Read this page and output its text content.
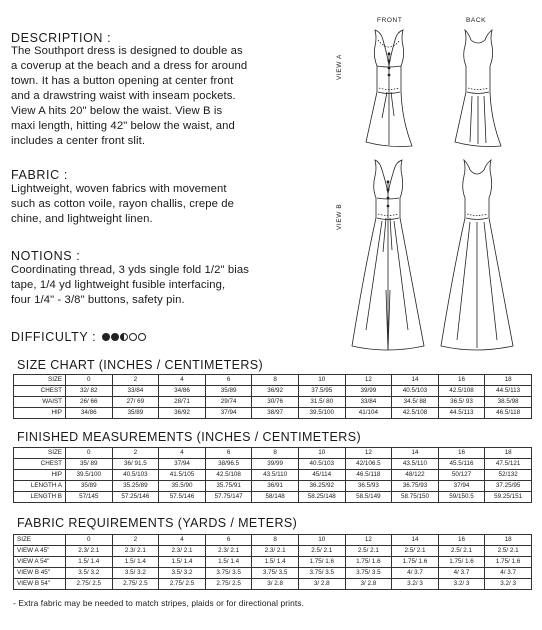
DESCRIPTION :
The Southport dress is designed to double as
a coverup at the beach and a dress for around
town. It has a button opening at center front
and a drawstring waist with inseam pockets.
View A hits 20" below the waist. View B is
maxi length, hitting 42" below the waist, and
includes a center front slit.
FABRIC :
Lightweight, woven fabrics with movement
such as cotton voile, rayon challis, crepe de
chine, and lightweight linen.
NOTIONS :
Coordinating thread, 3 yds single fold 1/2" bias
tape, 1/4 yd lightweight fusible interfacing,
four 1/4" - 3/8" buttons, safety pin.
DIFFICULTY :
FRONT	BACK
VIEW A
VIEW B
SIZE CHART (INCHES / CENTIMETERS)
SIZE	0	2	4	6	8	10	12	14	16	18
CHEST	32/ 82	33/84	34/86	35/89	36/92	37.5/95	39/99	40.5/103	42.5/108	44.5/113
WAIST	26/ 66	27/ 69	28/71	29/74	30/76	31.5/ 80	33/84	34.5/ 88	36.5/ 93	38.5/98
HIP	34/86	35/89	36/92	37/94	38/97	39.5/100	41/104	42.5/108	44.5/113	46.5/118
FINISHED MEASUREMENTS (INCHES / CENTIMETERS)
SIZE	0	2	4	6	8	10	12	14	16	18
CHEST	35/ 89	36/ 91.5	37/94	38/96.5	39/99	40.5/103	42/106.5	43.5/110	45.5/116	47.5/121
HIP	39.5/100	40.5/103	41.5/105	42.5/108	43.5/110	45/114	46.5/118	48/122	50/127	52/132
LENGTH A	35/89	35.25/89	35.5/90	35.75/91	36/91	36.25/92	36.5/93	36.75/93	37/94	37.25/95
LENGTH B	57/145	57.25/146	57.5/146	57.75/147	58/148	58.25/148	58.5/149	58.75/150	59/150.5	59.25/151
FABRIC REQUIREMENTS (YARDS / METERS)
SIZE	0	2	4	6	8	10	12	14	16	18
VIEW A 45"	2.3/ 2.1	2.3/ 2.1	2.3/ 2.1	2.3/ 2.1	2.3/ 2.1	2.5/ 2.1	2.5/ 2.1	2.5/ 2.1	2.5/ 2.1	2.5/ 2.1
VIEW A 54"	1.5/ 1.4	1.5/ 1.4	1.5/ 1.4	1.5/ 1.4	1.5/ 1.4	1.75/ 1.6	1.75/ 1.6	1.75/ 1.6	1.75/ 1.6	1.75/ 1.6
VIEW B 45"	3.5/ 3.2	3.5/ 3.2	3.5/ 3.2	3.75/ 3.5	3.75/ 3.5	3.75/ 3.5	3.75/ 3.5	4/ 3.7	4/ 3.7	4/ 3.7
VIEW B 54"	2.75/ 2.5	2.75/ 2.5	2.75/ 2.5	2.75/ 2.5	3/ 2.8	3/ 2.8	3/ 2.8	3.2/ 3	3.2/ 3	3.2/ 3
- Extra fabric may be needed to match stripes, plaids or for directional prints.
